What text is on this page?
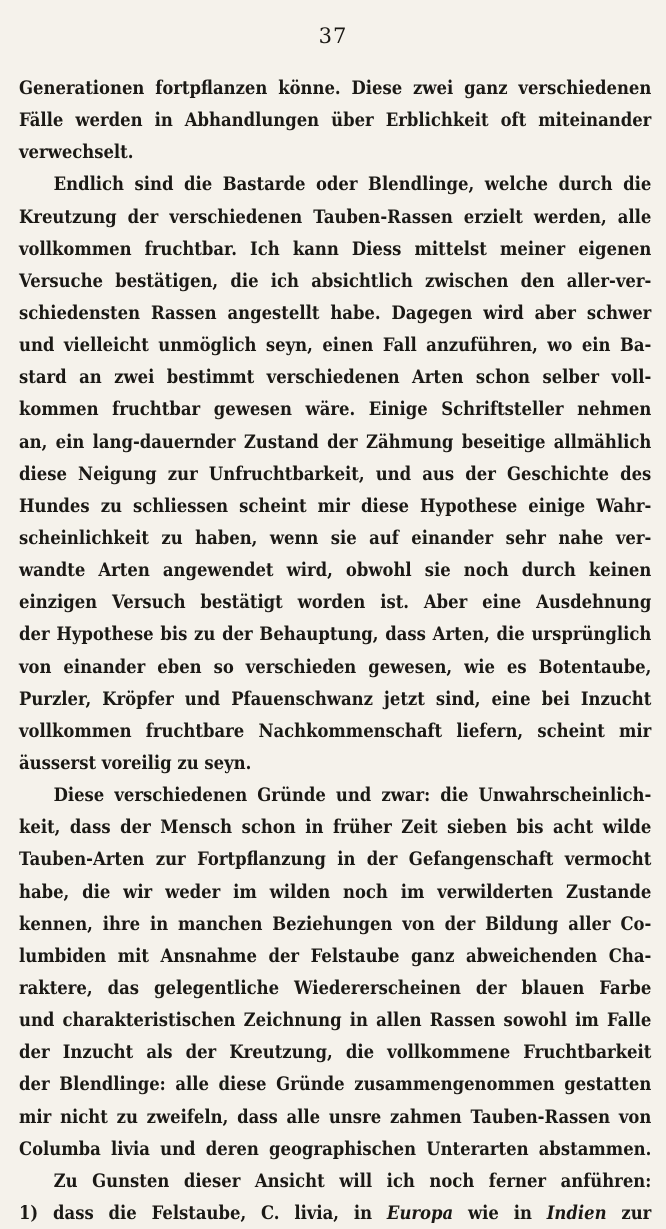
37
Generationen fortpflanzen könne. Diese zwei ganz verschiedenen
Fälle werden in Abhandlungen über Erblichkeit oft miteinander
verwechselt.
Endlich sind die Bastarde oder Blendlinge, welche durch die
Kreutzung der verschiedenen Tauben-Rassen erzielt werden, alle
vollkommen fruchtbar. Ich kann Diess mittelst meiner eigenen
Versuche bestätigen, die ich absichtlich zwischen den aller-ver-
schiedensten Rassen angestellt habe. Dagegen wird aber schwer
und vielleicht unmöglich seyn, einen Fall anzuführen, wo ein Ba-
stard an zwei bestimmt verschiedenen Arten schon selber voll-
kommen fruchtbar gewesen wäre. Einige Schriftsteller nehmen
an, ein lang-dauernder Zustand der Zähmung beseitige allmählich
diese Neigung zur Unfruchtbarkeit, und aus der Geschichte des
Hundes zu schliessen scheint mir diese Hypothese einige Wahr-
scheinlichkeit zu haben, wenn sie auf einander sehr nahe ver-
wandte Arten angewendet wird, obwohl sie noch durch keinen
einzigen Versuch bestätigt worden ist. Aber eine Ausdehnung
der Hypothese bis zu der Behauptung, dass Arten, die ursprünglich
von einander eben so verschieden gewesen, wie es Botentaube,
Purzler, Kröpfer und Pfauenschwanz jetzt sind, eine bei Inzucht
vollkommen fruchtbare Nachkommenschaft liefern, scheint mir
äusserst voreilig zu seyn.
Diese verschiedenen Gründe und zwar: die Unwahrscheinlich-
keit, dass der Mensch schon in früher Zeit sieben bis acht wilde
Tauben-Arten zur Fortpflanzung in der Gefangenschaft vermocht
habe, die wir weder im wilden noch im verwilderten Zustande
kennen, ihre in manchen Beziehungen von der Bildung aller Co-
lumbiden mit Ansnahme der Felstaube ganz abweichenden Cha-
raktere, das gelegentliche Wiedererscheinen der blauen Farbe
und charakteristischen Zeichnung in allen Rassen sowohl im Falle
der Inzucht als der Kreutzung, die vollkommene Fruchtbarkeit
der Blendlinge: alle diese Gründe zusammengenommen gestatten
mir nicht zu zweifeln, dass alle unsre zahmen Tauben-Rassen von
Columba livia und deren geographischen Unterarten abstammen.
Zu Gunsten dieser Ansicht will ich noch ferner anführen:
1) dass die Felstaube, C. livia, in Europa wie in Indien zur
